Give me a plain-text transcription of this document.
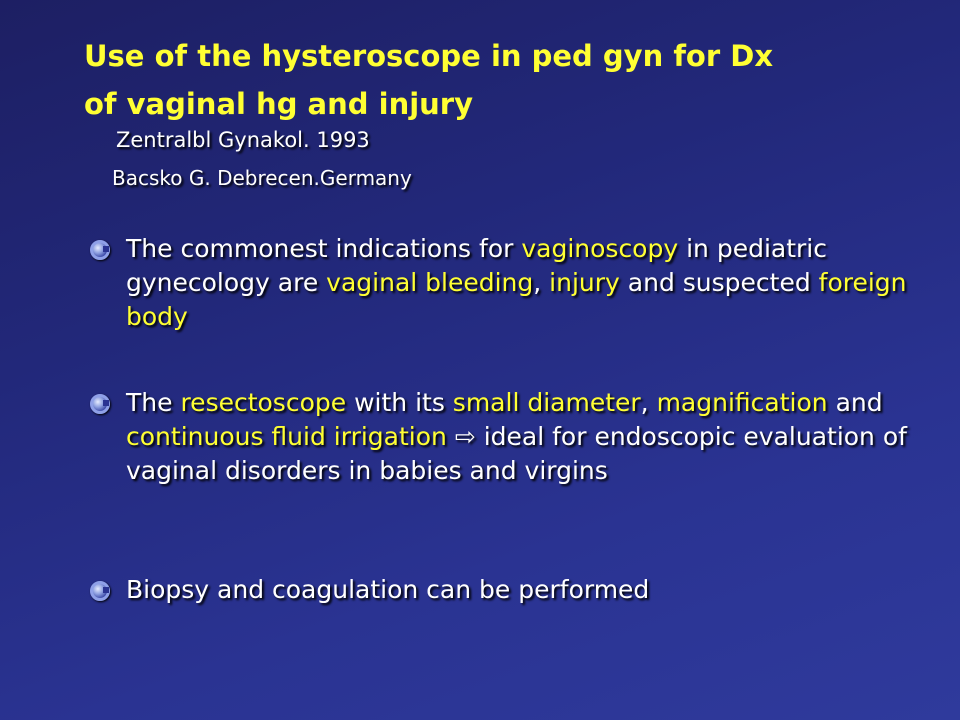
Use of the hysteroscope in ped gyn for Dx
of vaginal hg and injury

Zentralbl Gynakol. 1993

Bacsko G. Debrecen.Germany

The commonest indications for vaginoscopy in pediatric gynecology are vaginal bleeding, injury and suspected foreign body

The resectoscope with its small diameter, magnification and continuous fluid irrigation ⇨ ideal for endoscopic evaluation of vaginal disorders in babies and virgins

Biopsy and coagulation can be performed
